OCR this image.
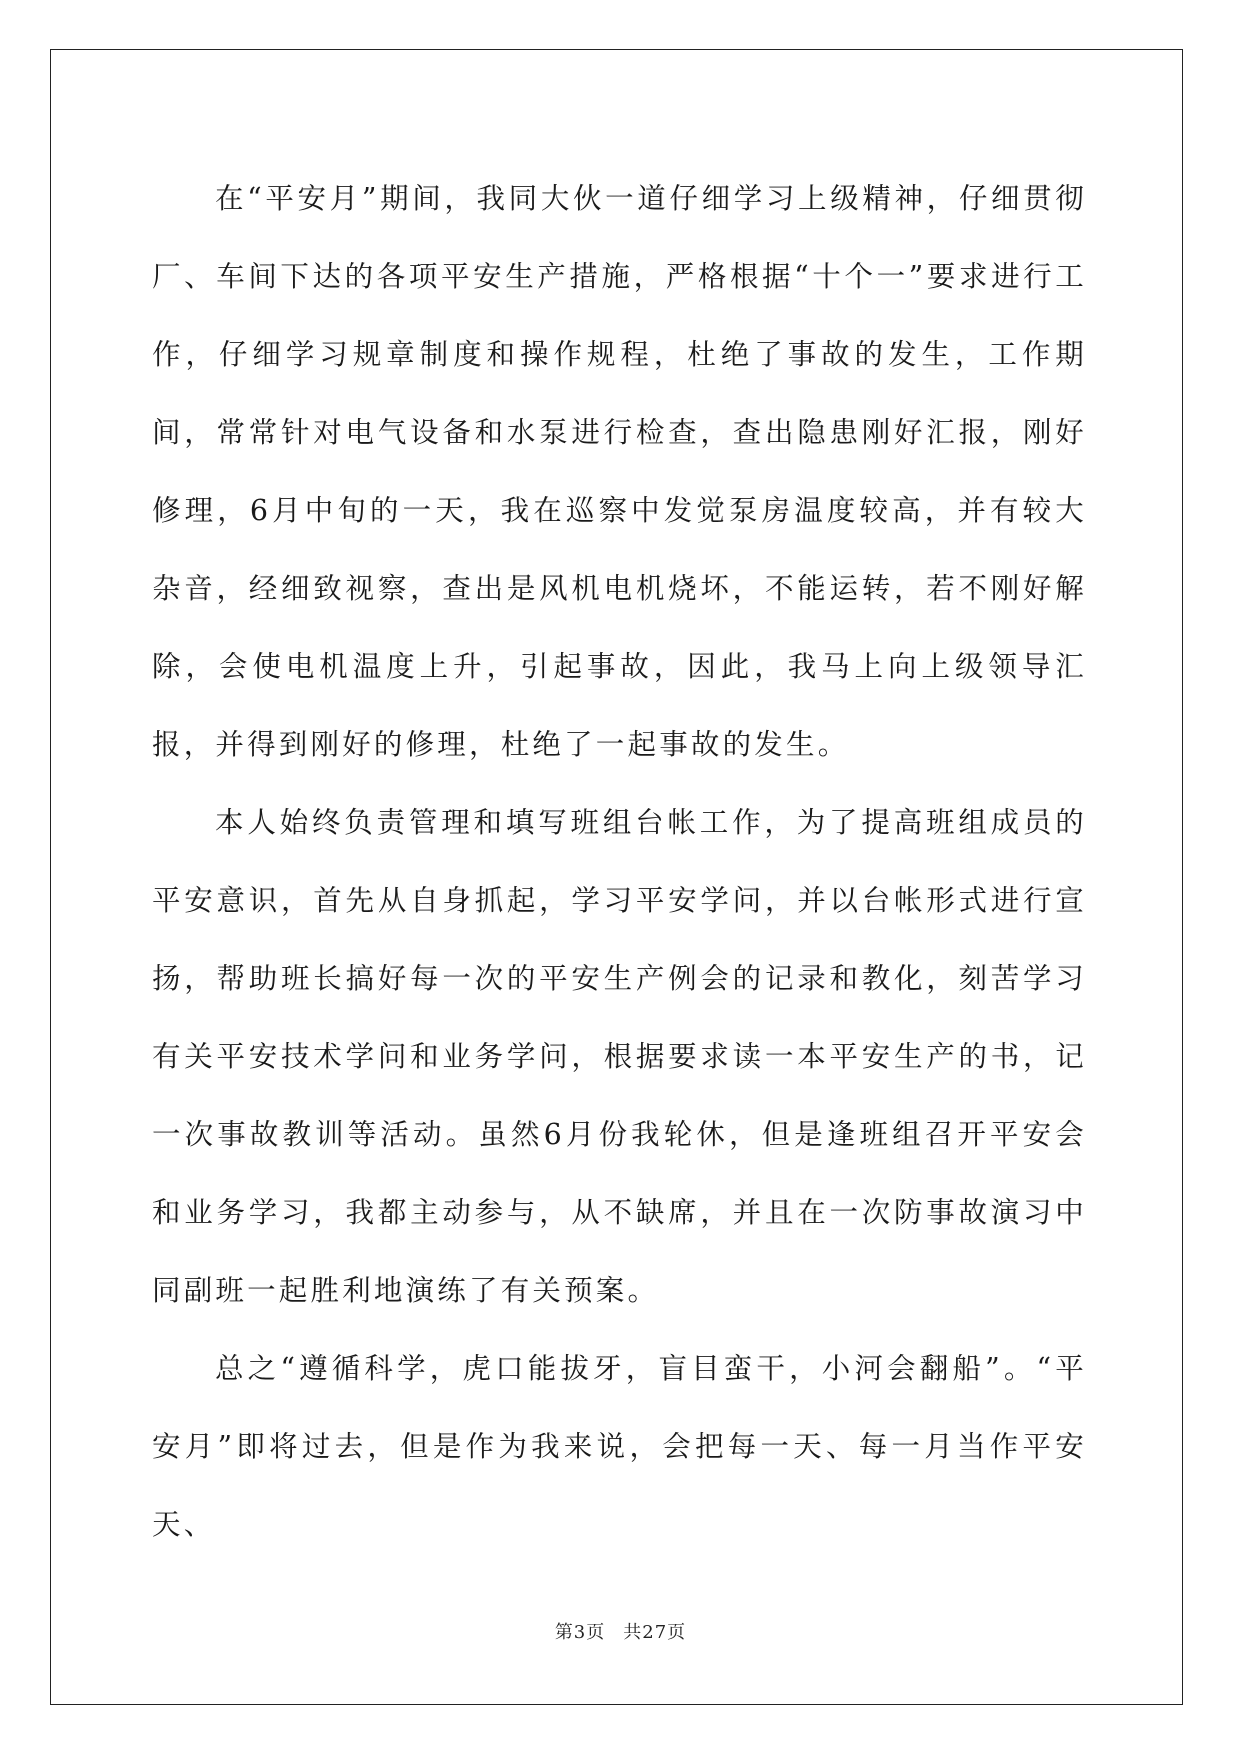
在“平安月”期间，我同大伙一道仔细学习上级精神，仔细贯彻厂、车间下达的各项平安生产措施，严格根据“十个一”要求进行工作，仔细学习规章制度和操作规程，杜绝了事故的发生，工作期间，常常针对电气设备和水泵进行检查，查出隐患刚好汇报，刚好修理，6月中旬的一天，我在巡察中发觉泵房温度较高，并有较大杂音，经细致视察，查出是风机电机烧坏，不能运转，若不刚好解除，会使电机温度上升，引起事故，因此，我马上向上级领导汇报，并得到刚好的修理，杜绝了一起事故的发生。

本人始终负责管理和填写班组台帐工作，为了提高班组成员的平安意识，首先从自身抓起，学习平安学问，并以台帐形式进行宣扬，帮助班长搞好每一次的平安生产例会的记录和教化，刻苦学习有关平安技术学问和业务学问，根据要求读一本平安生产的书，记一次事故教训等活动。虽然6月份我轮休，但是逢班组召开平安会和业务学习，我都主动参与，从不缺席，并且在一次防事故演习中同副班一起胜利地演练了有关预案。

总之“遵循科学，虎口能拔牙，盲目蛮干，小河会翻船”。“平安月”即将过去，但是作为我来说，会把每一天、每一月当作平安天、

第3页 共27页
